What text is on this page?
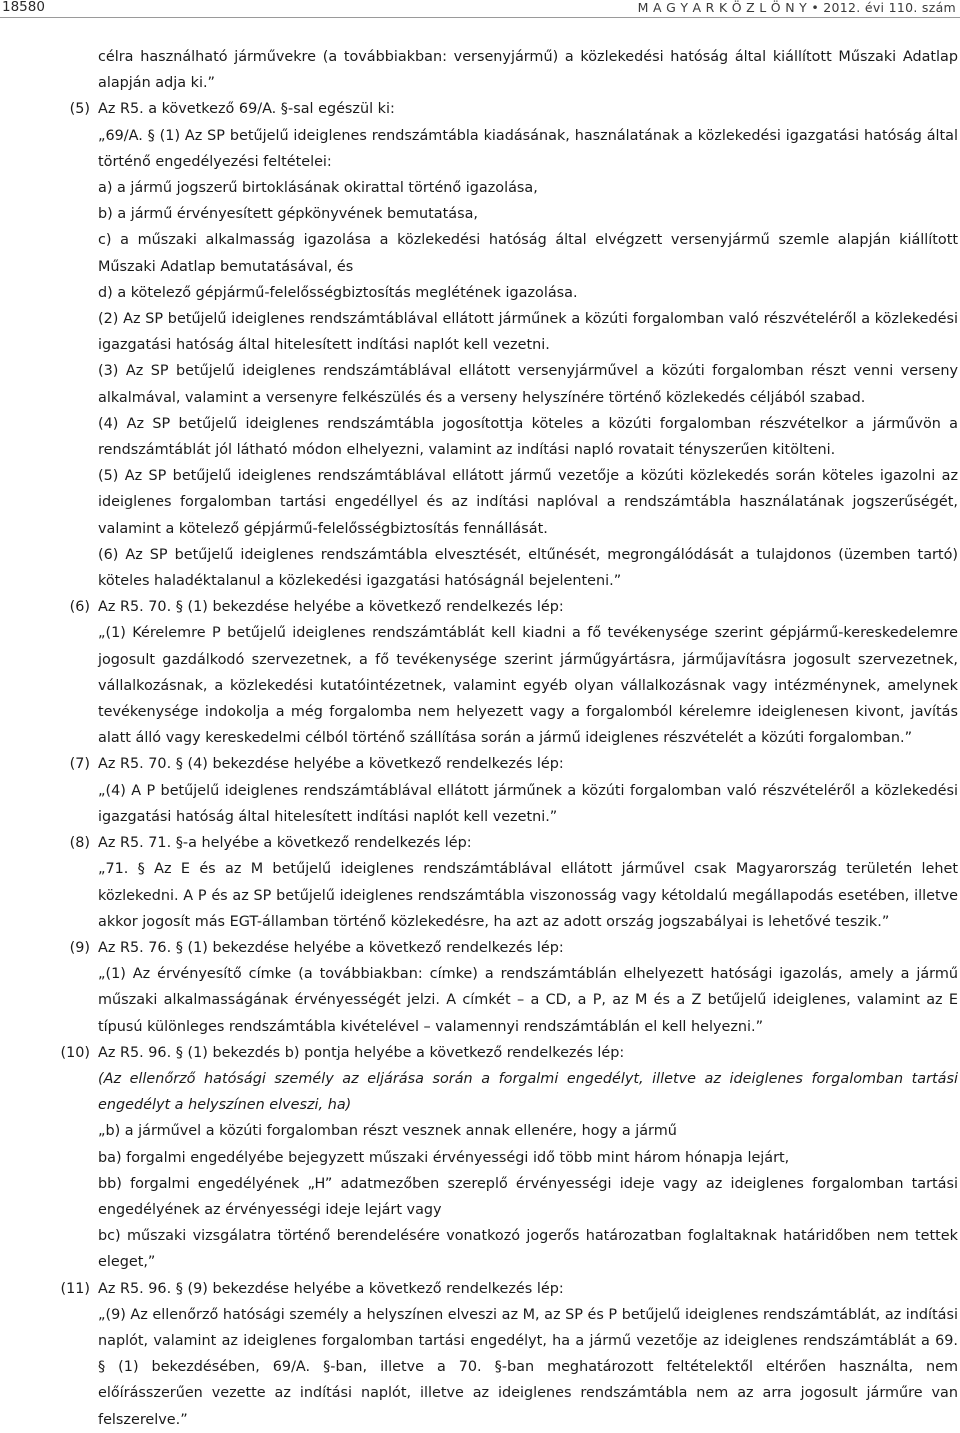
18580	M A G Y A R K Ö Z L Ö N Y • 2012. évi 110. szám

célra használható járművekre (a továbbiakban: versenyjármű) a közlekedési hatóság által kiállított Műszaki Adatlap alapján adja ki.”

(5) Az R5. a következő 69/A. §-sal egészül ki:

„69/A. § (1) Az SP betűjelű ideiglenes rendszámtábla kiadásának, használatának a közlekedési igazgatási hatóság által történő engedélyezési feltételei:

a) a jármű jogszerű birtoklásának okirattal történő igazolása,

b) a jármű érvényesített gépkönyvének bemutatása,

c) a műszaki alkalmasság igazolása a közlekedési hatóság által elvégzett versenyjármű szemle alapján kiállított Műszaki Adatlap bemutatásával, és

d) a kötelező gépjármű-felelősségbiztosítás meglétének igazolása.

(2) Az SP betűjelű ideiglenes rendszámtáblával ellátott járműnek a közúti forgalomban való részvételéről a közlekedési igazgatási hatóság által hitelesített indítási naplót kell vezetni.

(3) Az SP betűjelű ideiglenes rendszámtáblával ellátott versenyjárművel a közúti forgalomban részt venni verseny alkalmával, valamint a versenyre felkészülés és a verseny helyszínére történő közlekedés céljából szabad.

(4) Az SP betűjelű ideiglenes rendszámtábla jogosítottja köteles a közúti forgalomban részvételkor a járművön a rendszámtáblát jól látható módon elhelyezni, valamint az indítási napló rovatait tényszerűen kitölteni.

(5) Az SP betűjelű ideiglenes rendszámtáblával ellátott jármű vezetője a közúti közlekedés során köteles igazolni az ideiglenes forgalomban tartási engedéllyel és az indítási naplóval a rendszámtábla használatának jogszerűségét, valamint a kötelező gépjármű-felelősségbiztosítás fennállását.

(6) Az SP betűjelű ideiglenes rendszámtábla elvesztését, eltűnését, megrongálódását a tulajdonos (üzemben tartó) köteles haladéktalanul a közlekedési igazgatási hatóságnál bejelenteni.”

(6) Az R5. 70. § (1) bekezdése helyébe a következő rendelkezés lép:

„(1) Kérelemre P betűjelű ideiglenes rendszámtáblát kell kiadni a fő tevékenysége szerint gépjármű-kereskedelemre jogosult gazdálkodó szervezetnek, a fő tevékenysége szerint járműgyártásra, járműjavításra jogosult szervezetnek, vállalkozásnak, a közlekedési kutatóintézetnek, valamint egyéb olyan vállalkozásnak vagy intézménynek, amelynek tevékenysége indokolja a még forgalomba nem helyezett vagy a forgalomból kérelemre ideiglenesen kivont, javítás alatt álló vagy kereskedelmi célból történő szállítása során a jármű ideiglenes részvételét a közúti forgalomban.”

(7) Az R5. 70. § (4) bekezdése helyébe a következő rendelkezés lép:

„(4) A P betűjelű ideiglenes rendszámtáblával ellátott járműnek a közúti forgalomban való részvételéről a közlekedési igazgatási hatóság által hitelesített indítási naplót kell vezetni.”

(8) Az R5. 71. §-a helyébe a következő rendelkezés lép:

„71. § Az E és az M betűjelű ideiglenes rendszámtáblával ellátott járművel csak Magyarország területén lehet közlekedni. A P és az SP betűjelű ideiglenes rendszámtábla viszonosság vagy kétoldalú megállapodás esetében, illetve akkor jogosít más EGT-államban történő közlekedésre, ha azt az adott ország jogszabályai is lehetővé teszik.”

(9) Az R5. 76. § (1) bekezdése helyébe a következő rendelkezés lép:

„(1) Az érvényesítő címke (a továbbiakban: címke) a rendszámtáblán elhelyezett hatósági igazolás, amely a jármű műszaki alkalmasságának érvényességét jelzi. A címkét – a CD, a P, az M és a Z betűjelű ideiglenes, valamint az E típusú különleges rendszámtábla kivételével – valamennyi rendszámtáblán el kell helyezni.”

(10) Az R5. 96. § (1) bekezdés b) pontja helyébe a következő rendelkezés lép:

(Az ellenőrző hatósági személy az eljárása során a forgalmi engedélyt, illetve az ideiglenes forgalomban tartási engedélyt a helyszínen elveszi, ha)

„b) a járművel a közúti forgalomban részt vesznek annak ellenére, hogy a jármű

ba) forgalmi engedélyébe bejegyzett műszaki érvényességi idő több mint három hónapja lejárt,

bb) forgalmi engedélyének „H” adatmezőben szereplő érvényességi ideje vagy az ideiglenes forgalomban tartási engedélyének az érvényességi ideje lejárt vagy

bc) műszaki vizsgálatra történő berendelésére vonatkozó jogerős határozatban foglaltaknak határidőben nem tettek eleget,”

(11) Az R5. 96. § (9) bekezdése helyébe a következő rendelkezés lép:

„(9) Az ellenőrző hatósági személy a helyszínen elveszi az M, az SP és P betűjelű ideiglenes rendszámtáblát, az indítási naplót, valamint az ideiglenes forgalomban tartási engedélyt, ha a jármű vezetője az ideiglenes rendszámtáblát a 69. § (1) bekezdésében, 69/A. §-ban, illetve a 70. §-ban meghatározott feltételektől eltérően használta, nem előírásszerűen vezette az indítási naplót, illetve az ideiglenes rendszámtábla nem az arra jogosult járműre van felszerelve.”
